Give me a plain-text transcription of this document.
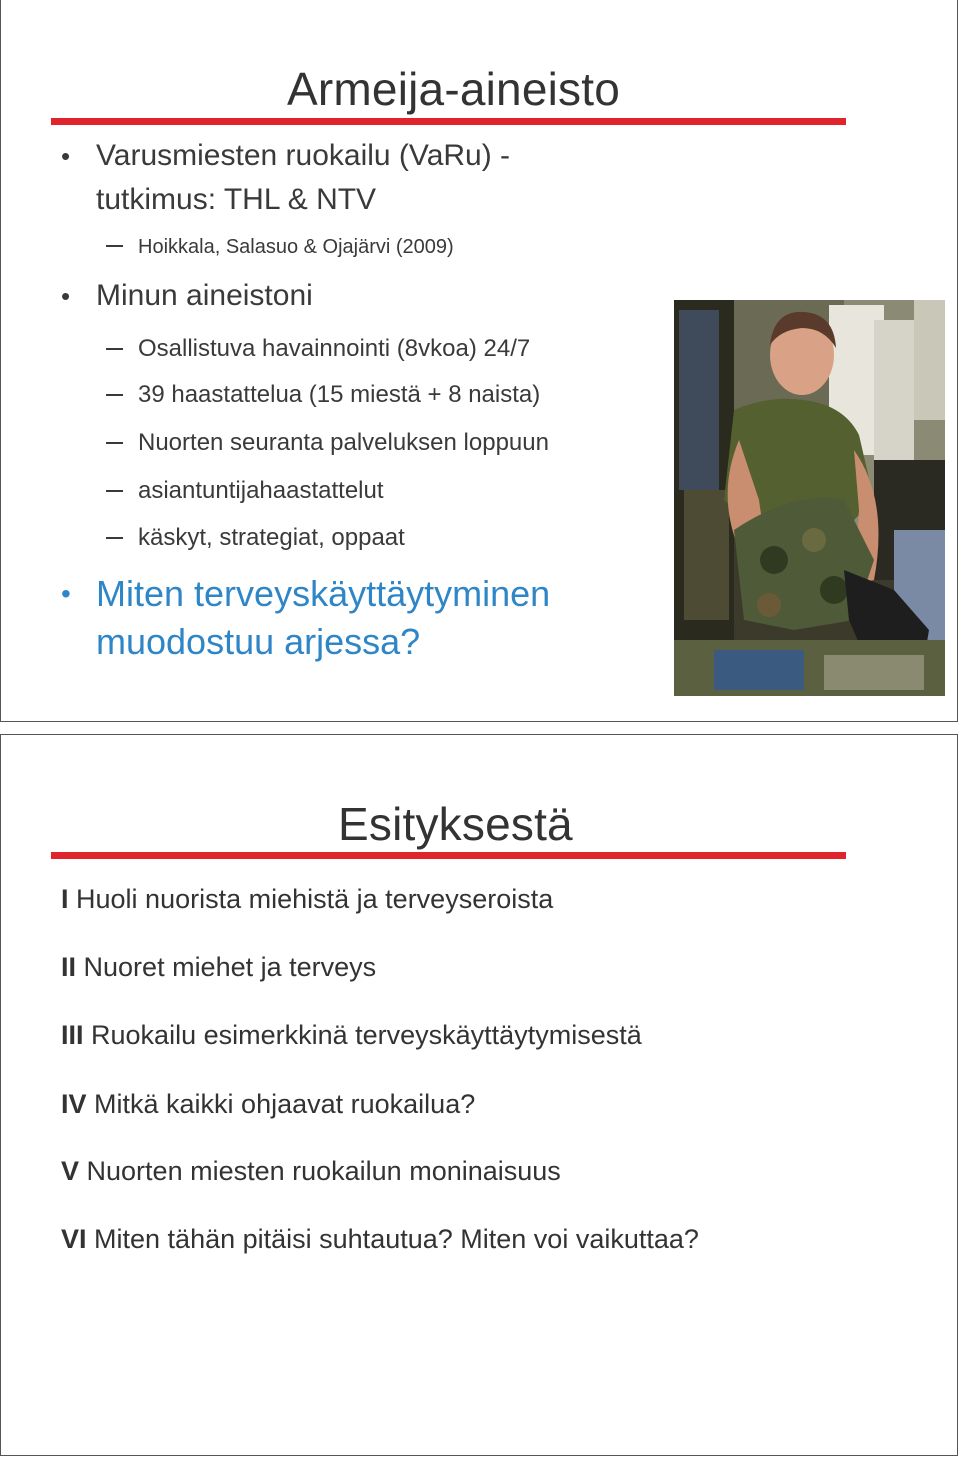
Armeija-aineisto
• Varusmiesten ruokailu (VaRu) -
tutkimus: THL & NTV
Hoikkala, Salasuo & Ojajärvi (2009)
• Minun aineistoni
Osallistuva havainnointi (8vkoa) 24/7
39 haastattelua (15 miestä + 8 naista)
Nuorten seuranta palveluksen loppuun
asiantuntijahaastattelut
käskyt, strategiat, oppaat
• Miten terveyskäyttäytyminen
muodostuu arjessa?
Esityksestä
I Huoli nuorista miehistä ja terveyseroista
II Nuoret miehet ja terveys
III Ruokailu esimerkkinä terveyskäyttäytymisestä
IV Mitkä kaikki ohjaavat ruokailua?
V Nuorten miesten ruokailun moninaisuus
VI Miten tähän pitäisi suhtautua? Miten voi vaikuttaa?
